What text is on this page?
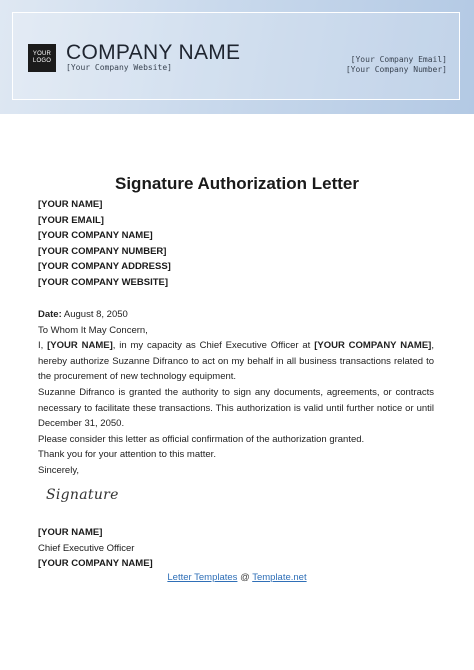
YOUR
LOGO COMPANY NAME
[Your Company Website]
[Your Company Email]
[Your Company Number]
Signature Authorization Letter
[YOUR NAME]
[YOUR EMAIL]
[YOUR COMPANY NAME]
[YOUR COMPANY NUMBER]
[YOUR COMPANY ADDRESS]
[YOUR COMPANY WEBSITE]

Date: August 8, 2050

To Whom It May Concern,

I, [YOUR NAME], in my capacity as Chief Executive Officer at [YOUR COMPANY NAME], hereby authorize Suzanne Difranco to act on my behalf in all business transactions related to the procurement of new technology equipment.

Suzanne Difranco is granted the authority to sign any documents, agreements, or contracts necessary to facilitate these transactions. This authorization is valid until further notice or until December 31, 2050.

Please consider this letter as official confirmation of the authorization granted.

Thank you for your attention to this matter.

Sincerely,

Signature
[YOUR NAME]
Chief Executive Officer
[YOUR COMPANY NAME]
Letter Templates @ Template.net
